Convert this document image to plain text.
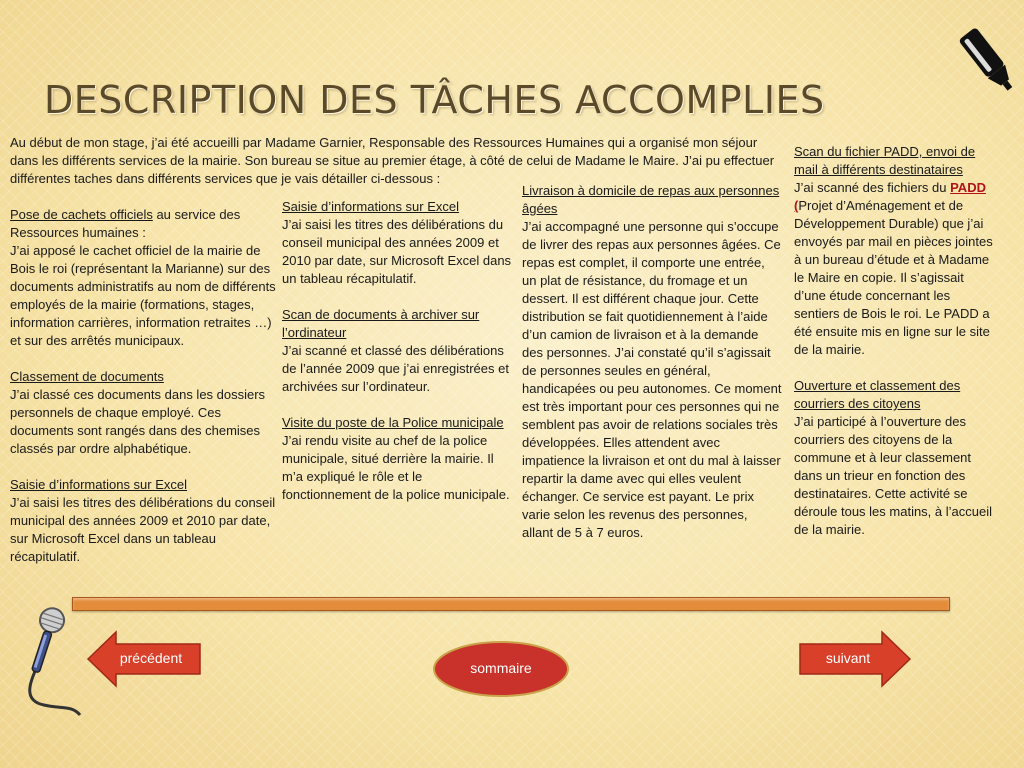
DESCRIPTION DES TÂCHES ACCOMPLIES

Au début de mon stage, j’ai été accueilli par Madame Garnier, Responsable des Ressources Humaines qui a organisé mon séjour dans les différents services de la mairie. Son bureau se situe au premier étage, à côté de celui de Madame le Maire. J’ai pu effectuer différentes taches dans différents services que je vais détailler ci-dessous :

Pose de cachets officiels au service des Ressources humaines :

J’ai apposé le cachet officiel de la mairie de Bois le roi (représentant la Marianne) sur des documents administratifs au nom de différents employés de la mairie (formations, stages, information carrières, information retraites …) et sur des arrêtés municipaux.

Classement de documents

J’ai classé ces documents dans les dossiers personnels de chaque employé. Ces documents sont rangés dans des chemises classés par ordre alphabétique.

Saisie d’informations sur Excel

J’ai saisi les titres des délibérations du conseil municipal des années 2009 et 2010 par date, sur Microsoft Excel dans un tableau récapitulatif.

Saisie d’informations sur Excel

J’ai saisi les titres des délibérations du conseil municipal des années 2009 et 2010 par date, sur Microsoft Excel dans un tableau récapitulatif.

Scan de documents à archiver sur l’ordinateur

J’ai scanné et classé des délibérations de l’année 2009 que j’ai enregistrées et archivées sur l’ordinateur.

Visite du poste de la Police municipale

J’ai rendu visite au chef de la police municipale, situé derrière la mairie. Il m’a expliqué le rôle et le fonctionnement de la police municipale.

Livraison à domicile de repas aux personnes âgées

J’ai accompagné une personne qui s’occupe de livrer des repas aux personnes âgées. Ce repas est complet, il comporte une entrée, un plat de résistance, du fromage et un dessert. Il est différent chaque jour. Cette distribution se fait quotidiennement à l’aide d’un camion de livraison et à la demande des personnes. J’ai constaté qu’il s’agissait de personnes seules en général, handicapées ou peu autonomes. Ce moment est très important pour ces personnes qui ne semblent pas avoir de relations sociales très développées. Elles attendent avec impatience la livraison et ont du mal à laisser repartir la dame avec qui elles veulent échanger. Ce service est payant. Le prix varie selon les revenus des personnes, allant de 5 à 7 euros.

Scan du fichier PADD, envoi de mail à différents destinataires

J’ai scanné des fichiers du PADD (Projet d’Aménagement et de Développement Durable) que j’ai envoyés par mail en pièces jointes à un bureau d’étude et à Madame le Maire en copie. Il s’agissait d’une étude concernant les sentiers de Bois le roi. Le PADD a été ensuite mis en ligne sur le site de la mairie.

Ouverture et classement des courriers des citoyens

J’ai participé à l’ouverture des courriers des citoyens de la commune et à leur classement dans un trieur en fonction des destinataires. Cette activité se déroule tous les matins, à l’accueil de la mairie.

précédent
sommaire
suivant
